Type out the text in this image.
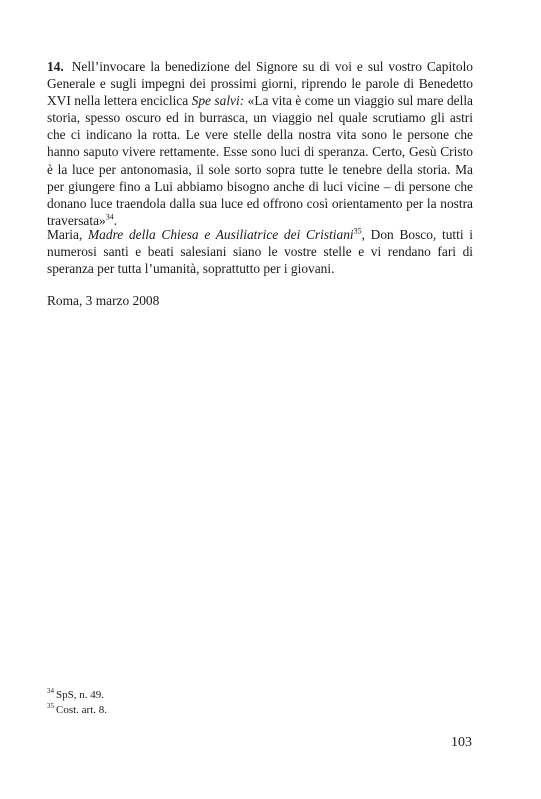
14. Nell’invocare la benedizione del Signore su di voi e sul vostro Capitolo Generale e sugli impegni dei prossimi giorni, riprendo le parole di Benedetto XVI nella lettera enciclica Spe salvi: «La vita è come un viaggio sul mare della storia, spesso oscuro ed in burrasca, un viaggio nel quale scrutiamo gli astri che ci indicano la rotta. Le vere stelle della nostra vita sono le persone che hanno saputo vivere rettamente. Esse sono luci di speranza. Certo, Gesù Cristo è la luce per antonomasia, il sole sorto sopra tutte le tenebre della storia. Ma per giungere fino a Lui abbiamo bisogno anche di luci vicine – di persone che donano luce traendola dalla sua luce ed offrono così orientamento per la nostra traversata»$^{34}$.
Maria, Madre della Chiesa e Ausiliatrice dei Cristiani$^{35}$, Don Bosco, tutti i numerosi santi e beati salesiani siano le vostre stelle e vi rendano fari di speranza per tutta l’umanità, soprattutto per i giovani.
Roma, 3 marzo 2008
$^{34}$ SpS, n. 49.
$^{35}$ Cost. art. 8.
103
